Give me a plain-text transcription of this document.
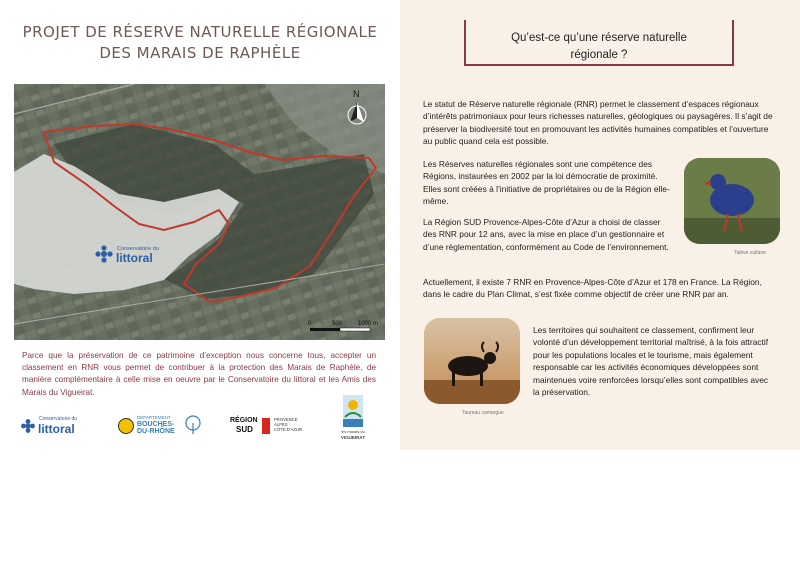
PROJET DE RÉSERVE NATURELLE RÉGIONALE
DES MARAIS DE RAPHÈLE
N
0	500	1000 m
Conservatoire du
littoral

Parce que la préservation de ce patrimoine d’exception nous concerne tous, accepter un classement en RNR vous permet de contribuer à la protection des Marais de Raphèle, de manière complémentaire à celle mise en oeuvre par le Conservatoire du littoral et les Amis des Marais du Vigueirat.

Conservatoire du
littoral
DÉPARTEMENT
BOUCHES-
DU-RHÔNE
RÉGION
SUD
PROVENCE
ALPES
CÔTE D'AZUR	les marais du
VIGUEIRAT
Qu’est-ce qu’une réserve naturelle
régionale ?

Le statut de Réserve naturelle régionale (RNR) permet le classement d’espaces régionaux d’intérêts patrimoniaux pour leurs richesses naturelles, géologiques ou paysagères. Il s’agit de préserver la biodiversité tout en promouvant les activités humaines compatibles et l’ouverture au public quand cela est possible.

Les Réserves naturelles régionales sont une compétence des Régions, instaurées en 2002 par la loi démocratie de proximité. Elles sont créées à l’initiative de propriétaires ou de la Région elle-même.

La Région SUD Provence-Alpes-Côte d’Azur a choisi de classer des RNR pour 12 ans, avec la mise en place d’un gestionnaire et d’une règlementation, conformément au Code de l’environnement.

Actuellement, il existe 7 RNR en Provence-Alpes-Côte d’Azur et 178 en France. La Région, dans le cadre du Plan Climat, s’est fixée comme objectif de créer une RNR par an.

Talève sultane
Taureau camargue

Les territoires qui souhaitent ce classement, confirment leur volonté d’un développement territorial maîtrisé, à la fois attractif pour les populations locales et le tourisme, mais également responsable car les activités économiques développées sont maintenues voire renforcées lorsqu’elles sont compatibles avec la préservation.
